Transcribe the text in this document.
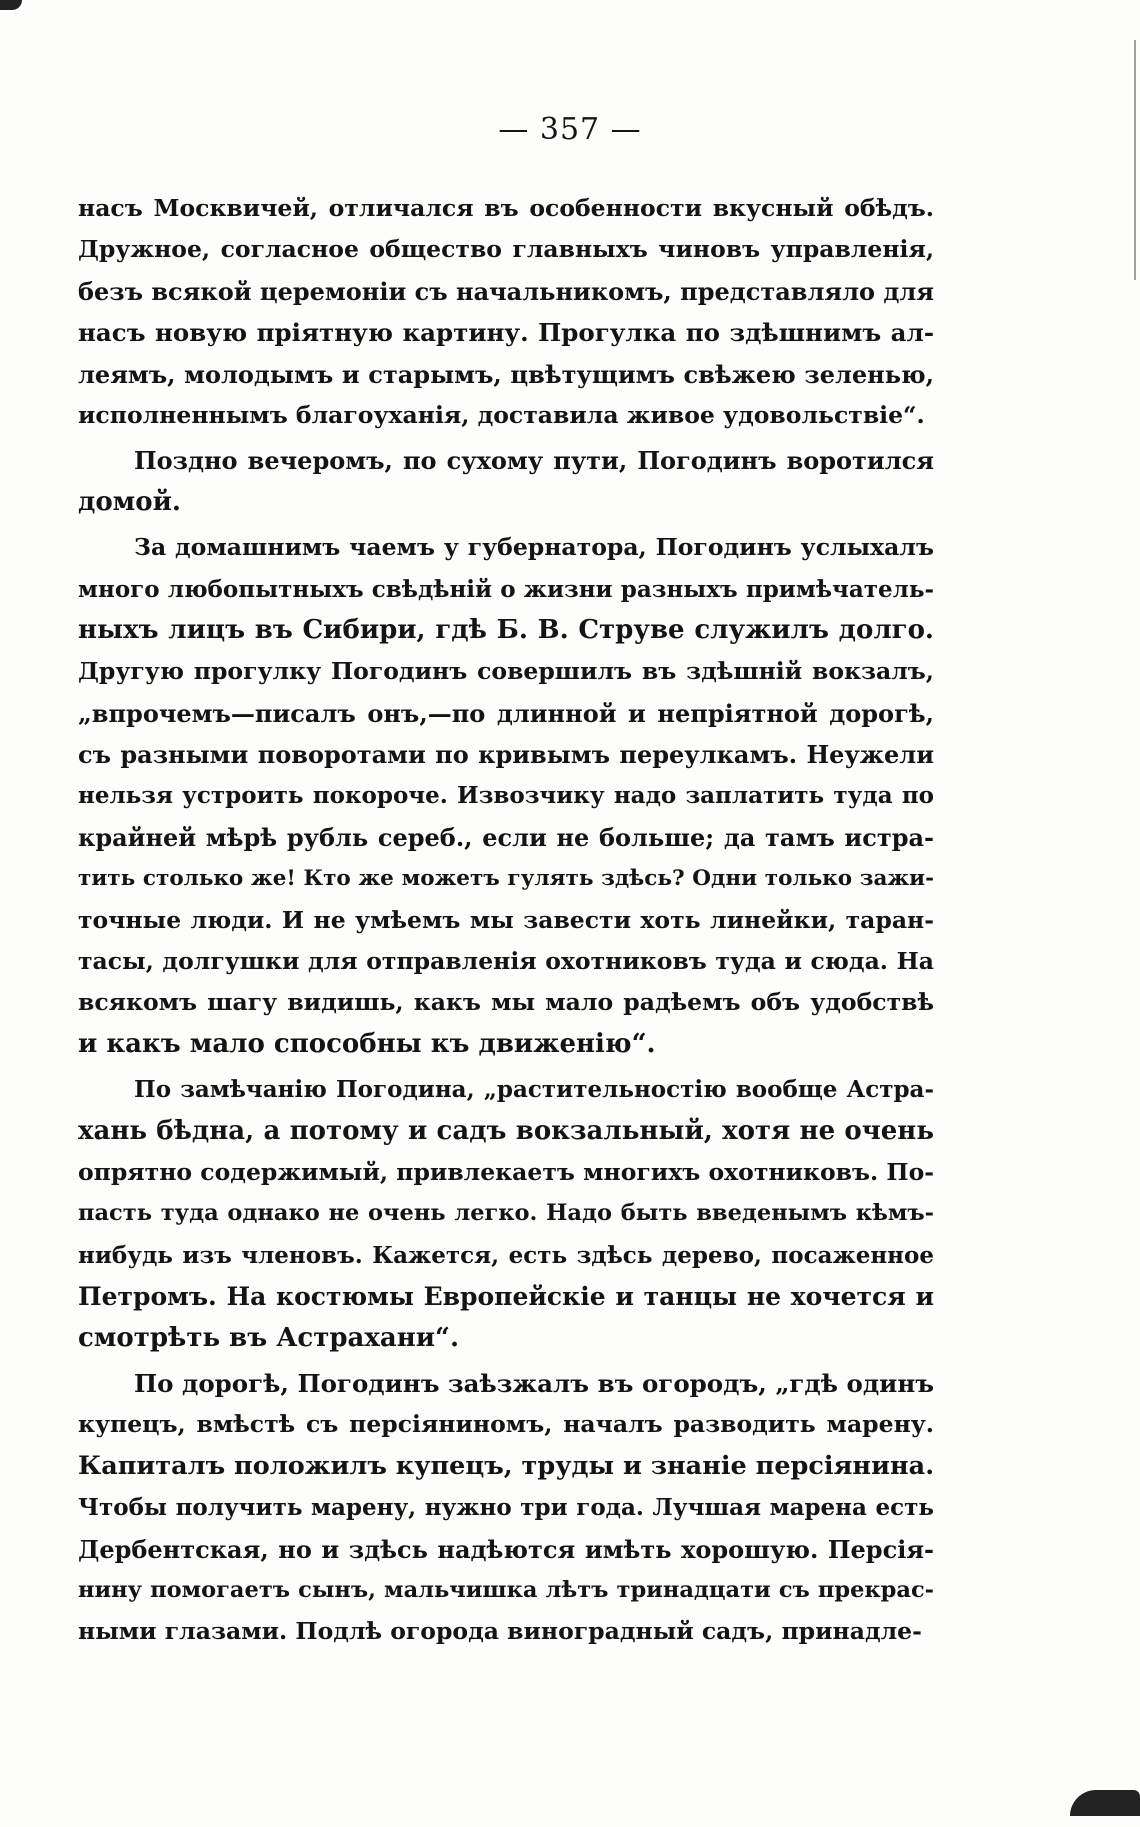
— 357 —
насъ Москвичей, отличался въ особенности вкусный обѣдъ.
Дружное, согласное общество главныхъ чиновъ управленія,
безъ всякой церемоніи съ начальникомъ, представляло для
насъ новую пріятную картину. Прогулка по здѣшнимъ ал-
леямъ, молодымъ и старымъ, цвѣтущимъ свѣжею зеленью,
исполненнымъ благоуханія, доставила живое удовольствіе“.
Поздно вечеромъ, по сухому пути, Погодинъ воротился
домой.
За домашнимъ чаемъ у губернатора, Погодинъ услыхалъ
много любопытныхъ свѣдѣній о жизни разныхъ примѣчатель-
ныхъ лицъ въ Сибири, гдѣ Б. В. Струве служилъ долго.
Другую прогулку Погодинъ совершилъ въ здѣшній вокзалъ,
„впрочемъ—писалъ онъ,—по длинной и непріятной дорогѣ,
съ разными поворотами по кривымъ переулкамъ. Неужели
нельзя устроить покороче. Извозчику надо заплатить туда по
крайней мѣрѣ рубль сереб., если не больше; да тамъ истра-
тить столько же! Кто же можетъ гулять здѣсь? Одни только зажи-
точные люди. И не умѣемъ мы завести хоть линейки, таран-
тасы, долгушки для отправленія охотниковъ туда и сюда. На
всякомъ шагу видишь, какъ мы мало радѣемъ объ удобствѣ
и какъ мало способны къ движенію“.
По замѣчанію Погодина, „растительностію вообще Астра-
хань бѣдна, а потому и садъ вокзальный, хотя не очень
опрятно содержимый, привлекаетъ многихъ охотниковъ. По-
пасть туда однако не очень легко. Надо быть введенымъ кѣмъ-
нибудь изъ членовъ. Кажется, есть здѣсь дерево, посаженное
Петромъ. На костюмы Европейскіе и танцы не хочется и
смотрѣть въ Астрахани“.
По дорогѣ, Погодинъ заѣзжалъ въ огородъ, „гдѣ одинъ
купецъ, вмѣстѣ съ персіяниномъ, началъ разводить марену.
Капиталъ положилъ купецъ, труды и знаніе персіянина.
Чтобы получить марену, нужно три года. Лучшая марена есть
Дербентская, но и здѣсь надѣются имѣть хорошую. Персія-
нину помогаетъ сынъ, мальчишка лѣтъ тринадцати съ прекрас-
ными глазами. Подлѣ огорода виноградный садъ, принадле-
